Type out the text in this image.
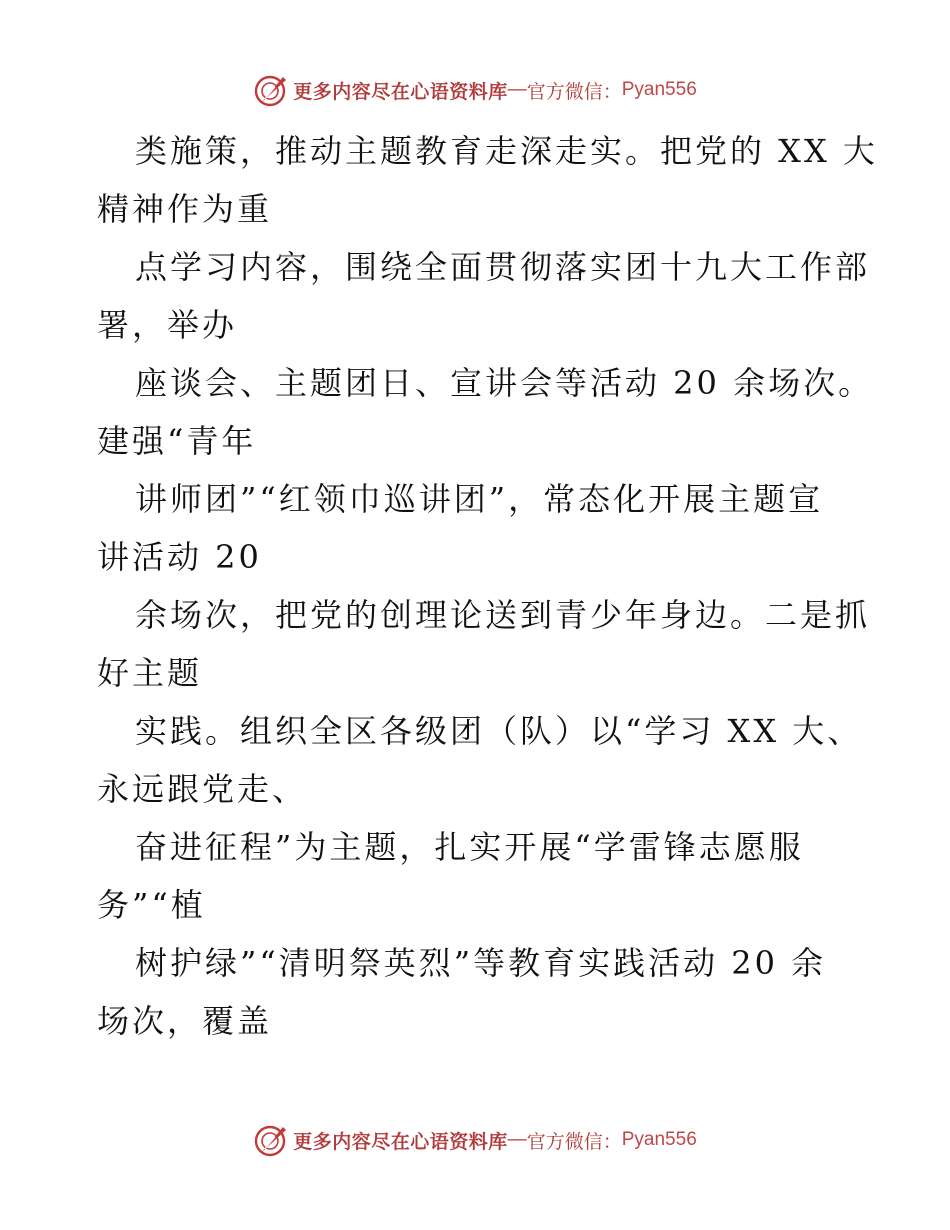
更多内容尽在心语资料库 — 官方微信： Pyan556
类施策，推动主题教育走深走实。把党的 XX 大
精神作为重
点学习内容，围绕全面贯彻落实团十九大工作部
署，举办
座谈会、主题团日、宣讲会等活动 20 余场次。
建强“青年
讲师团”“红领巾巡讲团”，常态化开展主题宣
讲活动 20
余场次，把党的创理论送到青少年身边。二是抓
好主题
实践。组织全区各级团（队）以“学习 XX 大、
永远跟党走、
奋进征程”为主题，扎实开展“学雷锋志愿服
务”“植
树护绿”“清明祭英烈”等教育实践活动 20 余
场次，覆盖
更多内容尽在心语资料库 — 官方微信： Pyan556
